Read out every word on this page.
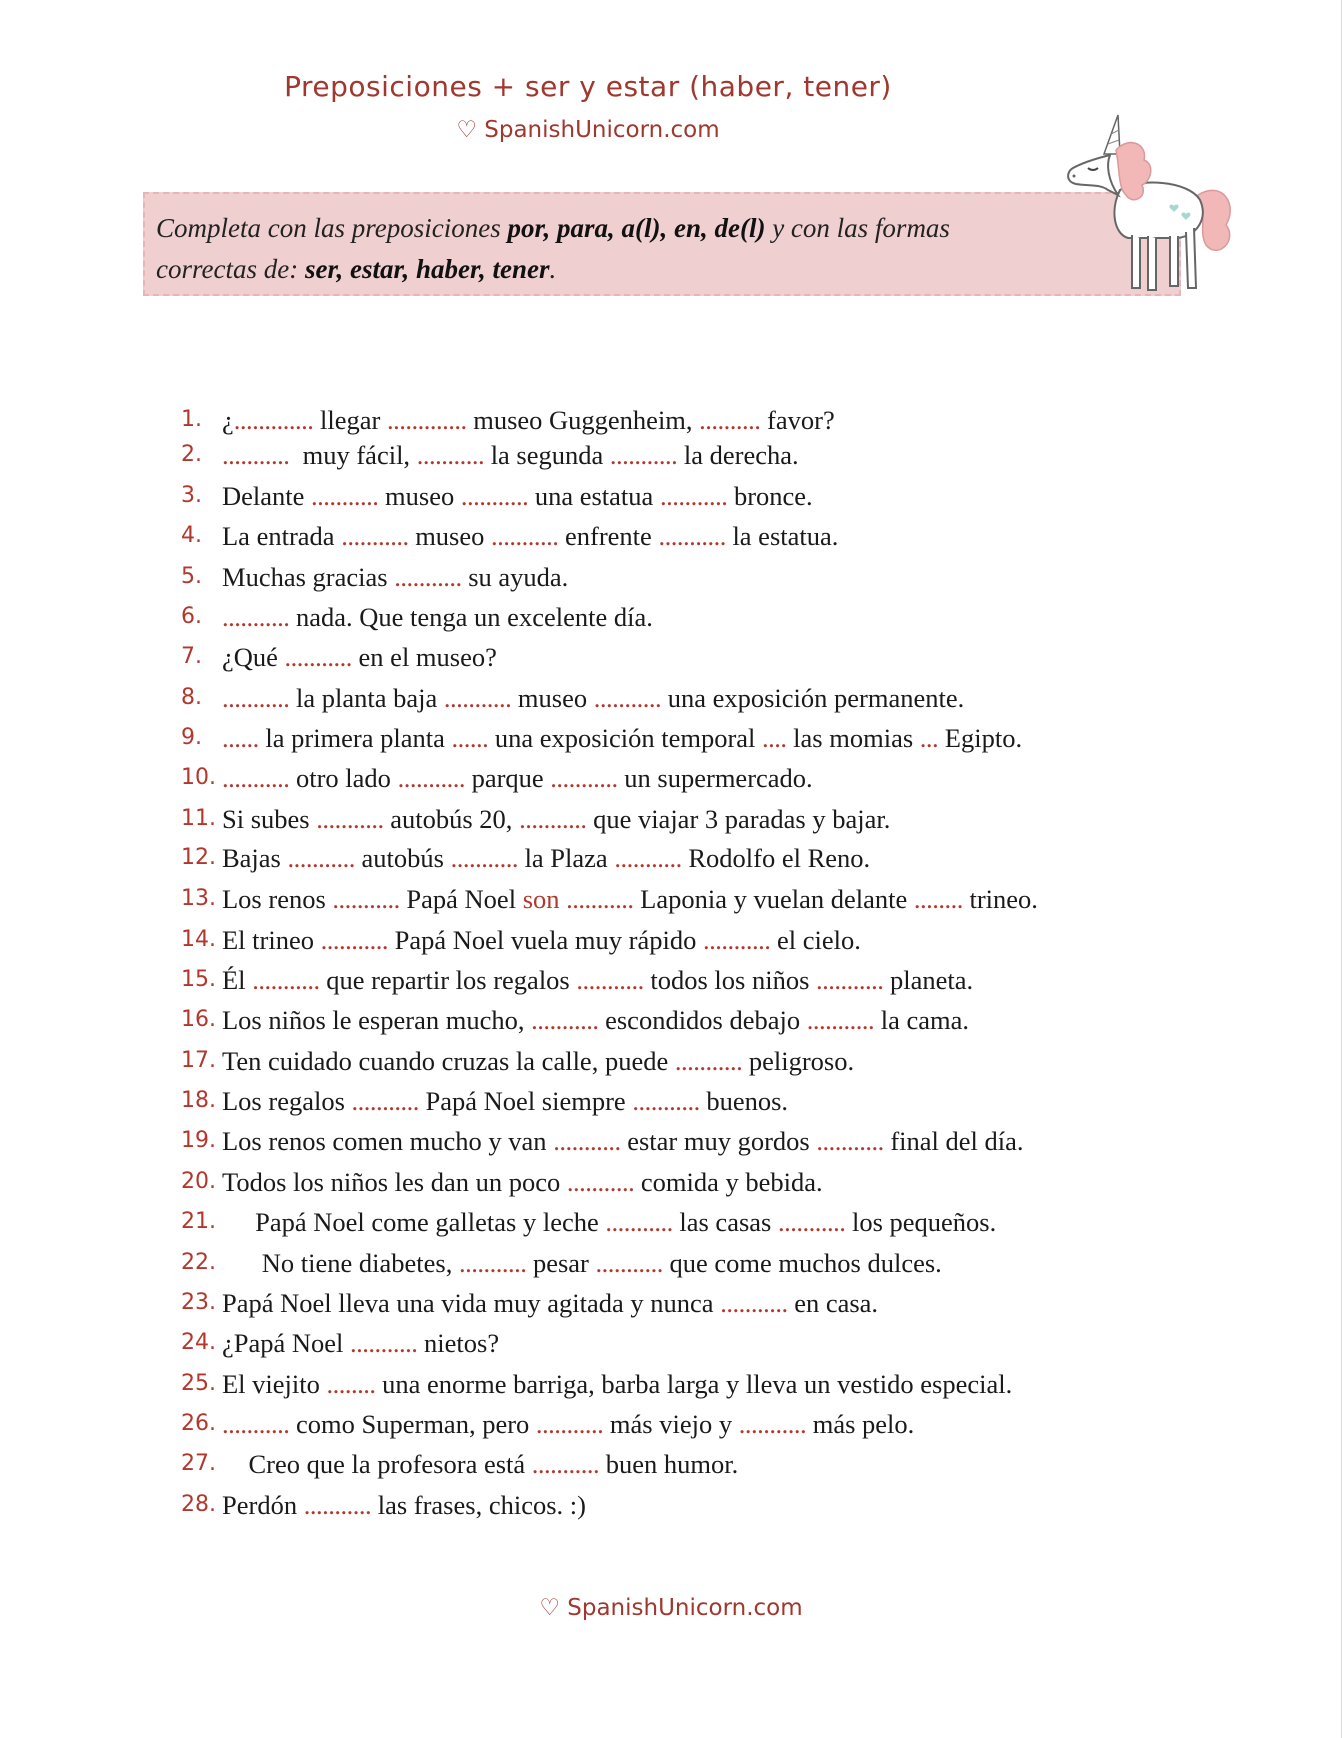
Preposiciones + ser y estar (haber, tener)
♡ SpanishUnicorn.com
Completa con las preposiciones por, para, a(l), en, de(l) y con las formas
correctas de: ser, estar, haber, tener.
1. ¿............. llegar ............. museo Guggenheim, .......... favor?
2. ...........  muy fácil, ........... la segunda ........... la derecha.
3. Delante ........... museo ........... una estatua ........... bronce.
4. La entrada ........... museo ........... enfrente ........... la estatua.
5. Muchas gracias ........... su ayuda.
6. ........... nada. Que tenga un excelente día.
7. ¿Qué ........... en el museo?
8. ........... la planta baja ........... museo ........... una exposición permanente.
9. ...... la primera planta ...... una exposición temporal .... las momias ... Egipto.
10. ........... otro lado ........... parque ........... un supermercado.
11. Si subes ........... autobús 20, ........... que viajar 3 paradas y bajar.
12. Bajas ........... autobús ........... la Plaza ........... Rodolfo el Reno.
13. Los renos ........... Papá Noel son ........... Laponia y vuelan delante ........ trineo.
14. El trineo ........... Papá Noel vuela muy rápido ........... el cielo.
15. Él ........... que repartir los regalos ........... todos los niños ........... planeta.
16. Los niños le esperan mucho, ........... escondidos debajo ........... la cama.
17. Ten cuidado cuando cruzas la calle, puede ........... peligroso.
18. Los regalos ........... Papá Noel siempre ........... buenos.
19. Los renos comen mucho y van ........... estar muy gordos ........... final del día.
20. Todos los niños les dan un poco ........... comida y bebida.
21. Papá Noel come galletas y leche ........... las casas ........... los pequeños.
22. No tiene diabetes, ........... pesar ........... que come muchos dulces.
23. Papá Noel lleva una vida muy agitada y nunca ........... en casa.
24. ¿Papá Noel ........... nietos?
25. El viejito ........ una enorme barriga, barba larga y lleva un vestido especial.
26. ........... como Superman, pero ........... más viejo y ........... más pelo.
27. Creo que la profesora está ........... buen humor.
28. Perdón ........... las frases, chicos. :)
♡ SpanishUnicorn.com
